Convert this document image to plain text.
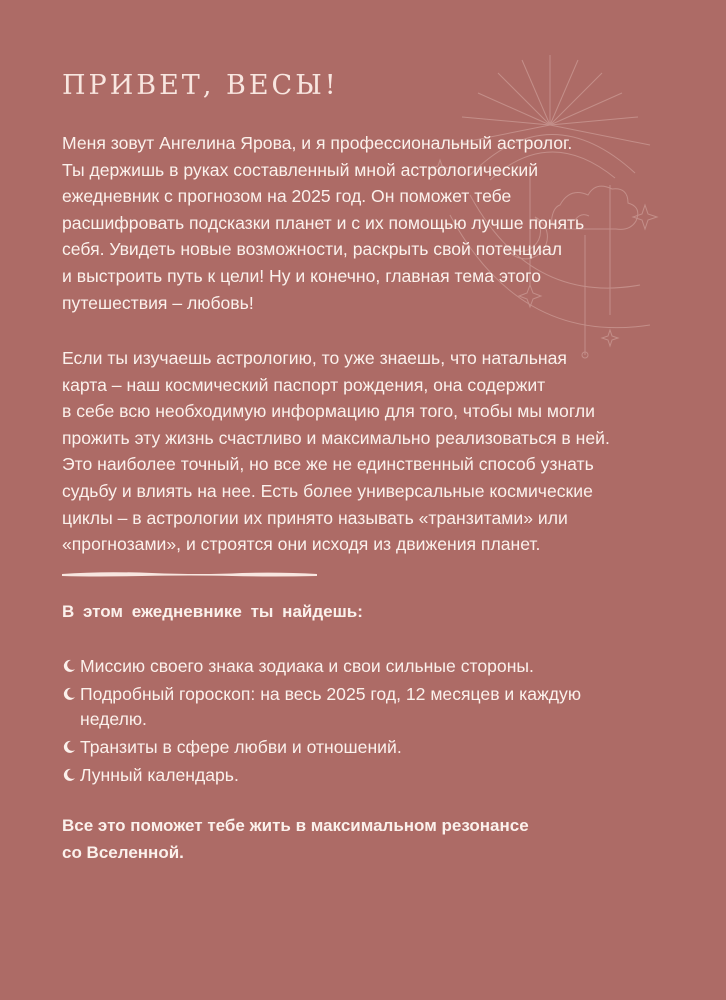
ПРИВЕТ, ВЕСЫ!

Меня зовут Ангелина Ярова, и я профессиональный астролог.
Ты держишь в руках составленный мной астрологический
ежедневник с прогнозом на 2025 год. Он поможет тебе
расшифровать подсказки планет и с их помощью лучше понять
себя. Увидеть новые возможности, раскрыть свой потенциал
и выстроить путь к цели! Ну и конечно, главная тема этого
путешествия – любовь!

Если ты изучаешь астрологию, то уже знаешь, что натальная
карта – наш космический паспорт рождения, она содержит
в себе всю необходимую информацию для того, чтобы мы могли
прожить эту жизнь счастливо и максимально реализоваться в ней.
Это наиболее точный, но все же не единственный способ узнать
судьбу и влиять на нее. Есть более универсальные космические
циклы – в астрологии их принято называть «транзитами» или
«прогнозами», и строятся они исходя из движения планет.

В этом ежедневнике ты найдешь:

Миссию своего знака зодиака и свои сильные стороны.
Подробный гороскоп: на весь 2025 год, 12 месяцев и каждую
неделю.
Транзиты в сфере любви и отношений.
Лунный календарь.

Все это поможет тебе жить в максимальном резонансе
со Вселенной.
